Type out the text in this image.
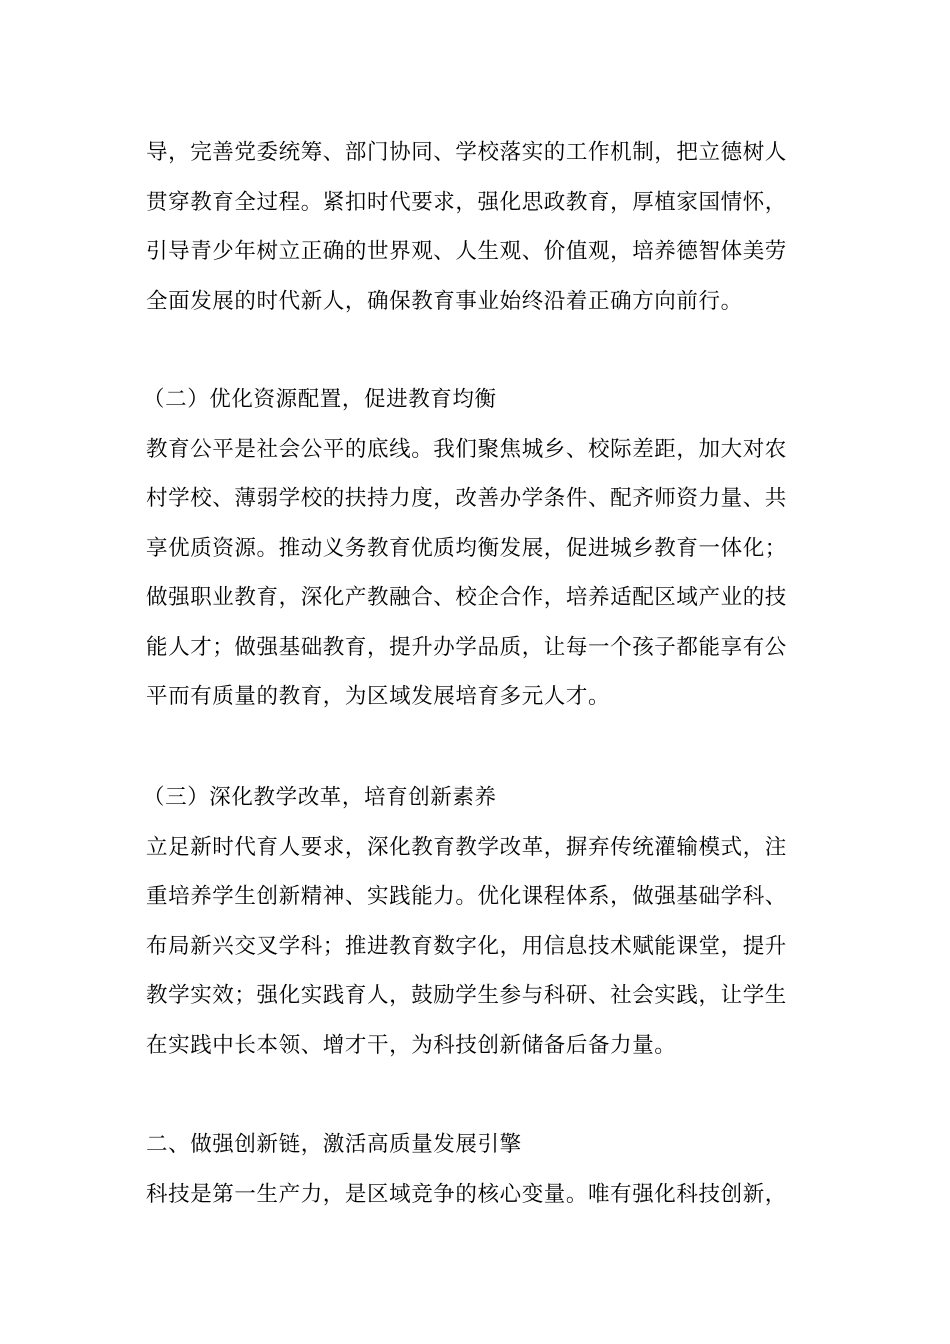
导，完善党委统筹、部门协同、学校落实的工作机制，把立德树人
贯穿教育全过程。紧扣时代要求，强化思政教育，厚植家国情怀，
引导青少年树立正确的世界观、人生观、价值观，培养德智体美劳
全面发展的时代新人，确保教育事业始终沿着正确方向前行。
（二）优化资源配置，促进教育均衡
教育公平是社会公平的底线。我们聚焦城乡、校际差距，加大对农
村学校、薄弱学校的扶持力度，改善办学条件、配齐师资力量、共
享优质资源。推动义务教育优质均衡发展，促进城乡教育一体化；
做强职业教育，深化产教融合、校企合作，培养适配区域产业的技
能人才；做强基础教育，提升办学品质，让每一个孩子都能享有公
平而有质量的教育，为区域发展培育多元人才。
（三）深化教学改革，培育创新素养
立足新时代育人要求，深化教育教学改革，摒弃传统灌输模式，注
重培养学生创新精神、实践能力。优化课程体系，做强基础学科、
布局新兴交叉学科；推进教育数字化，用信息技术赋能课堂，提升
教学实效；强化实践育人，鼓励学生参与科研、社会实践，让学生
在实践中长本领、增才干，为科技创新储备后备力量。
二、做强创新链，激活高质量发展引擎
科技是第一生产力，是区域竞争的核心变量。唯有强化科技创新，
